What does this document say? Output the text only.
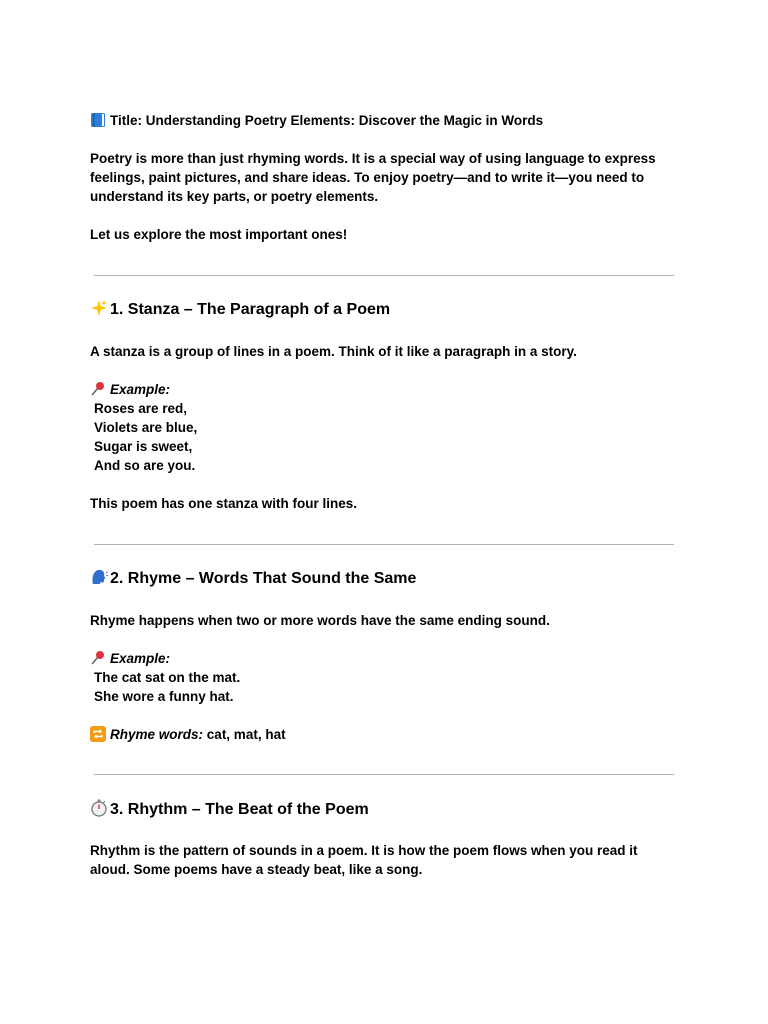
Title: Understanding Poetry Elements: Discover the Magic in Words
Poetry is more than just rhyming words. It is a special way of using language to express
feelings, paint pictures, and share ideas. To enjoy poetry—and to write it—you need to
understand its key parts, or poetry elements.
Let us explore the most important ones!
1. Stanza – The Paragraph of a Poem
A stanza is a group of lines in a poem. Think of it like a paragraph in a story.
Example:
Roses are red,
Violets are blue,
Sugar is sweet,
And so are you.
This poem has one stanza with four lines.
2. Rhyme – Words That Sound the Same
Rhyme happens when two or more words have the same ending sound.
Example:
The cat sat on the mat.
She wore a funny hat.
Rhyme words: cat, mat, hat
3. Rhythm – The Beat of the Poem
Rhythm is the pattern of sounds in a poem. It is how the poem flows when you read it
aloud. Some poems have a steady beat, like a song.
